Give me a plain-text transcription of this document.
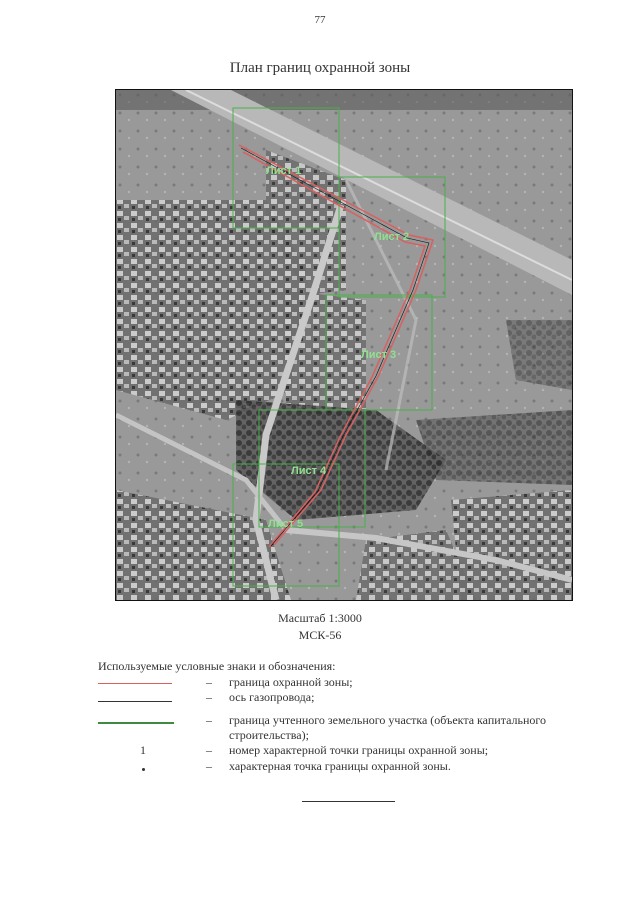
77
План границ охранной зоны
Лист 1
Лист 2
Лист 3
Лист 4
Лист 5
Масштаб 1:3000
МСК-56
Используемые условные знаки и обозначения:
– граница охранной зоны;
– ось газопровода;
– граница учтенного земельного участка (объекта капитального строительства);
1	– номер характерной точки границы охранной зоны;
– характерная точка границы охранной зоны.
